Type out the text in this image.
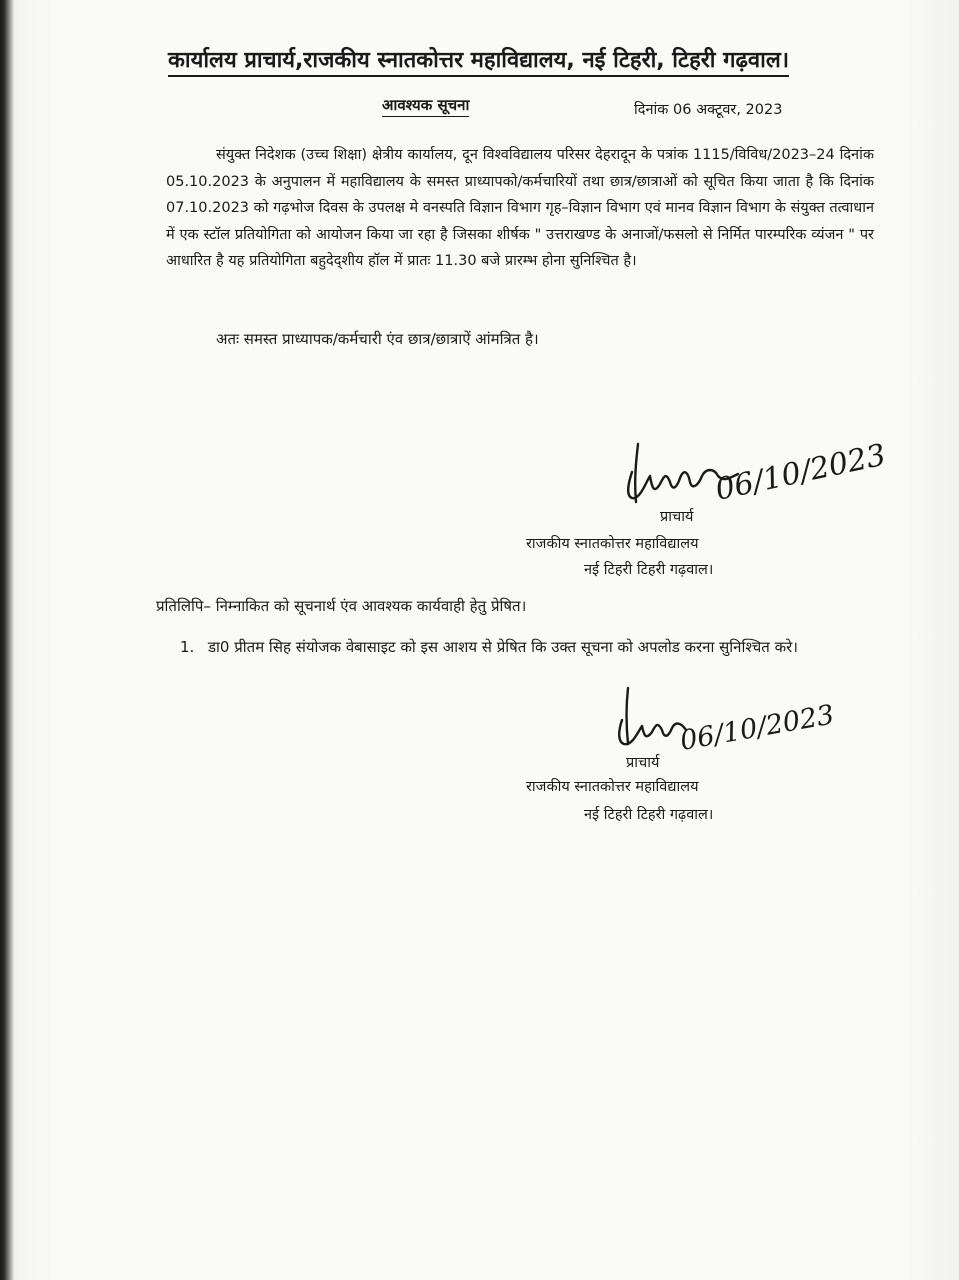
कार्यालय प्राचार्य,राजकीय स्नातकोत्तर महाविद्यालय, नई टिहरी, टिहरी गढ़वाल।
आवश्यक सूचना	दिनांक 06 अक्टूवर, 2023
संयुक्त निदेशक (उच्च शिक्षा) क्षेत्रीय कार्यालय, दून विश्वविद्यालय परिसर देहरादून के पत्रांक 1115/विविध/2023–24 दिनांक 05.10.2023 के अनुपालन में महाविद्यालय के समस्त प्राध्यापको/कर्मचारियों तथा छात्र/छात्राओं को सूचित किया जाता है कि दिनांक 07.10.2023 को गढ़भोज दिवस के उपलक्ष मे वनस्पति विज्ञान विभाग गृह–विज्ञान विभाग एवं मानव विज्ञान विभाग के संयुक्त तत्वाधान में एक स्टॉल प्रतियोगिता को आयोजन किया जा रहा है जिसका शीर्षक " उत्तराखण्ड के अनाजों/फसलो से निर्मित पारम्परिक व्यंजन " पर आधारित है यह प्रतियोगिता बहुदेद्शीय हॉल में प्रातः 11.30 बजे प्रारम्भ होना सुनिश्चित है।
अतः समस्त प्राध्यापक/कर्मचारी एंव छात्र/छात्राऐं आंमत्रित है।
06/10/2023
प्राचार्य
राजकीय स्नातकोत्तर महाविद्यालय
नई टिहरी टिहरी गढ़वाल।
प्रतिलिपि– निम्नाकित को सूचनार्थ एंव आवश्यक कार्यवाही हेतु प्रेषित।
1. डा0 प्रीतम सिह संयोजक वेबासाइट को इस आशय से प्रेषित कि उक्त सूचना को अपलोड करना सुनिश्चित करे।
06/10/2023
प्राचार्य
राजकीय स्नातकोत्तर महाविद्यालय
नई टिहरी टिहरी गढ़वाल।
